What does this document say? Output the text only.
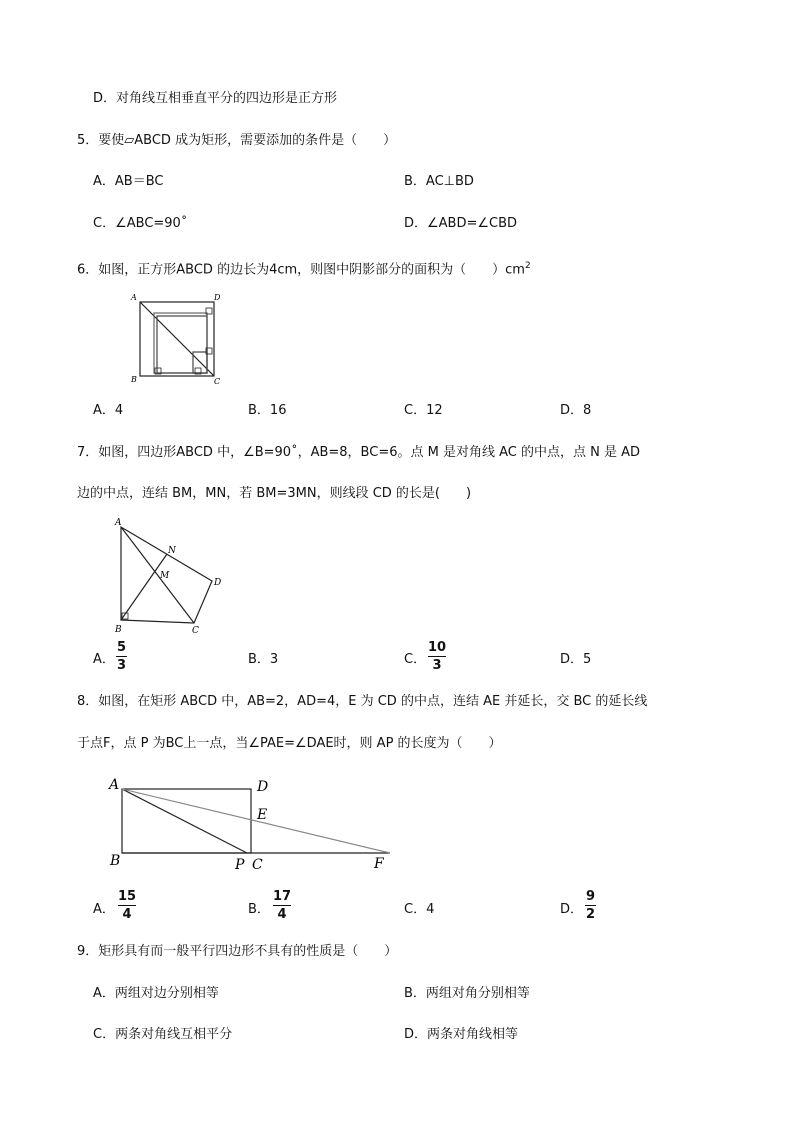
D．对角线互相垂直平分的四边形是正方形
5．要使▱ABCD 成为矩形，需要添加的条件是（　　）
A．AB＝BC	B．AC⊥BD
C．∠ABC=90˚	D．∠ABD=∠CBD
6．如图，正方形ABCD 的边长为4cm，则图中阴影部分的面积为（　　）$cm^2$
A	D
B	C
A．4	B．16	C．12	D．8
7．如图，四边形ABCD 中，∠B=90˚，AB=8，BC=6。点 M 是对角线 AC 的中点，点 N 是 AD
边的中点，连结 BM，MN，若 BM=3MN，则线段 CD 的长是(　　)
A
N
M
D
B	C
A．
5
3	B．3	C．
10
3	D．5
8．如图，在矩形 ABCD 中，AB=2，AD=4，E 为 CD 的中点，连结 AE 并延长，交 BC 的延长线
于点F，点 P 为BC上一点，当∠PAE=∠DAE时，则 AP 的长度为（　　）
A	D
E
B	P C	F
A．
15
4	B．
17
4	C．4	D．
9
2
9．矩形具有而一般平行四边形不具有的性质是（　　）
A．两组对边分别相等	B．两组对角分别相等
C．两条对角线互相平分	D．两条对角线相等
